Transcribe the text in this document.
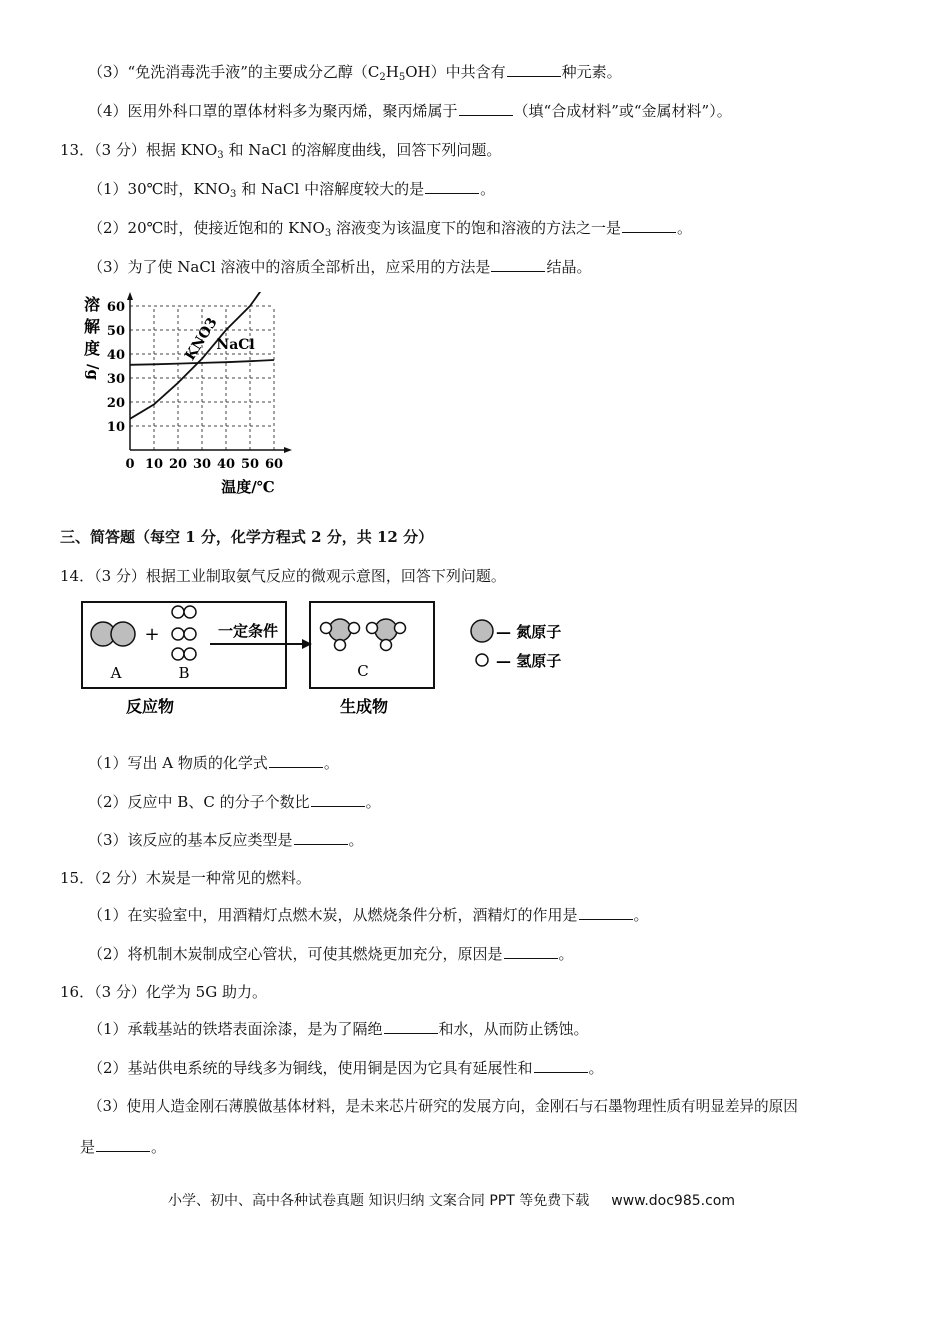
（3）“免洗消毒洗手液”的主要成分乙醇$(C_2H_5OH)$中共含有	种元素。
（4）医用外科口罩的罩体材料多为聚丙烯，聚丙烯属于	（填“合成材料”或“金属材料”）。
13．（3 分）根据 $KNO_3$ 和 NaCl 的溶解度曲线，回答下列问题。
（1）30℃时，$KNO_3$ 和 NaCl 中溶解度较大的是	。
（2）20℃时，使接近饱和的 $KNO_3$ 溶液变为该温度下的饱和溶液的方法之一是	。
（3）为了使 NaCl 溶液中的溶质全部析出，应采用的方法是	结晶。
0 10 20 30 40 50 60
10
20
30
40
50
60
溶
解
度
/g
温度/℃
KNO3
NaCl
三、简答题（每空 1 分，化学方程式 2 分，共 12 分）
14．（3 分）根据工业制取氨气反应的微观示意图，回答下列问题。
+
A	B
反应物
一定条件
C
生成物
— 氮原子
— 氢原子
（1）写出 A 物质的化学式	。
（2）反应中 B、C 的分子个数比	。
（3）该反应的基本反应类型是	。
15．（2 分）木炭是一种常见的燃料。
（1）在实验室中，用酒精灯点燃木炭，从燃烧条件分析，酒精灯的作用是	。
（2）将机制木炭制成空心管状，可使其燃烧更加充分，原因是	。
16．（3 分）化学为 5G 助力。
（1）承载基站的铁塔表面涂漆，是为了隔绝	和水，从而防止锈蚀。
（2）基站供电系统的导线多为铜线，使用铜是因为它具有延展性和	。
（3）使用人造金刚石薄膜做基体材料，是未来芯片研究的发展方向，金刚石与石墨物理性质有明显差异的原因
是	。
小学、初中、高中各种试卷真题 知识归纳 文案合同 PPT 等免费下载 www.doc985.com
